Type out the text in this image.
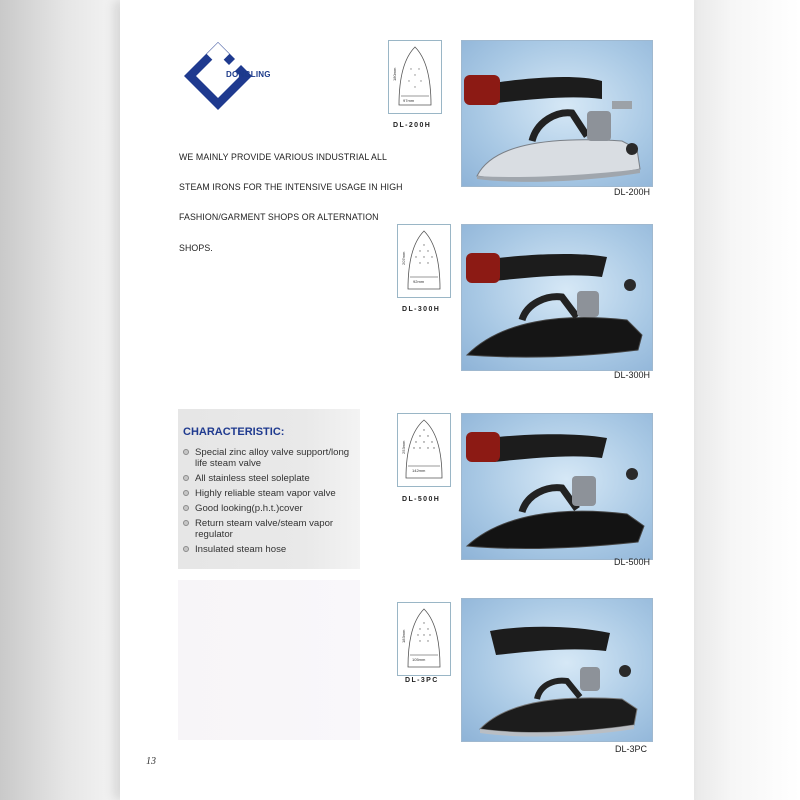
DONGLING
WE MAINLY PROVIDE VARIOUS INDUSTRIAL ALL
STEAM IRONS FOR THE INTENSIVE USAGE IN HIGH
FASHION/GARMENT SHOPS OR ALTERNATION
SHOPS.
CHARACTERISTIC:
Special zinc alloy valve support/long
life steam valve
All stainless steel soleplate
Highly reliable steam vapor valve
Good looking(p.h.t.)cover
Return steam valve/steam vapor
regulator
Insulated steam hose
97mm
180mm
DL-200H
DL-200H
92mm
207mm
DL-300H
DL-300H
142mm
253mm
DL-500H
DL-500H
105mm
183mm
DL-3PC
DL-3PC
13
